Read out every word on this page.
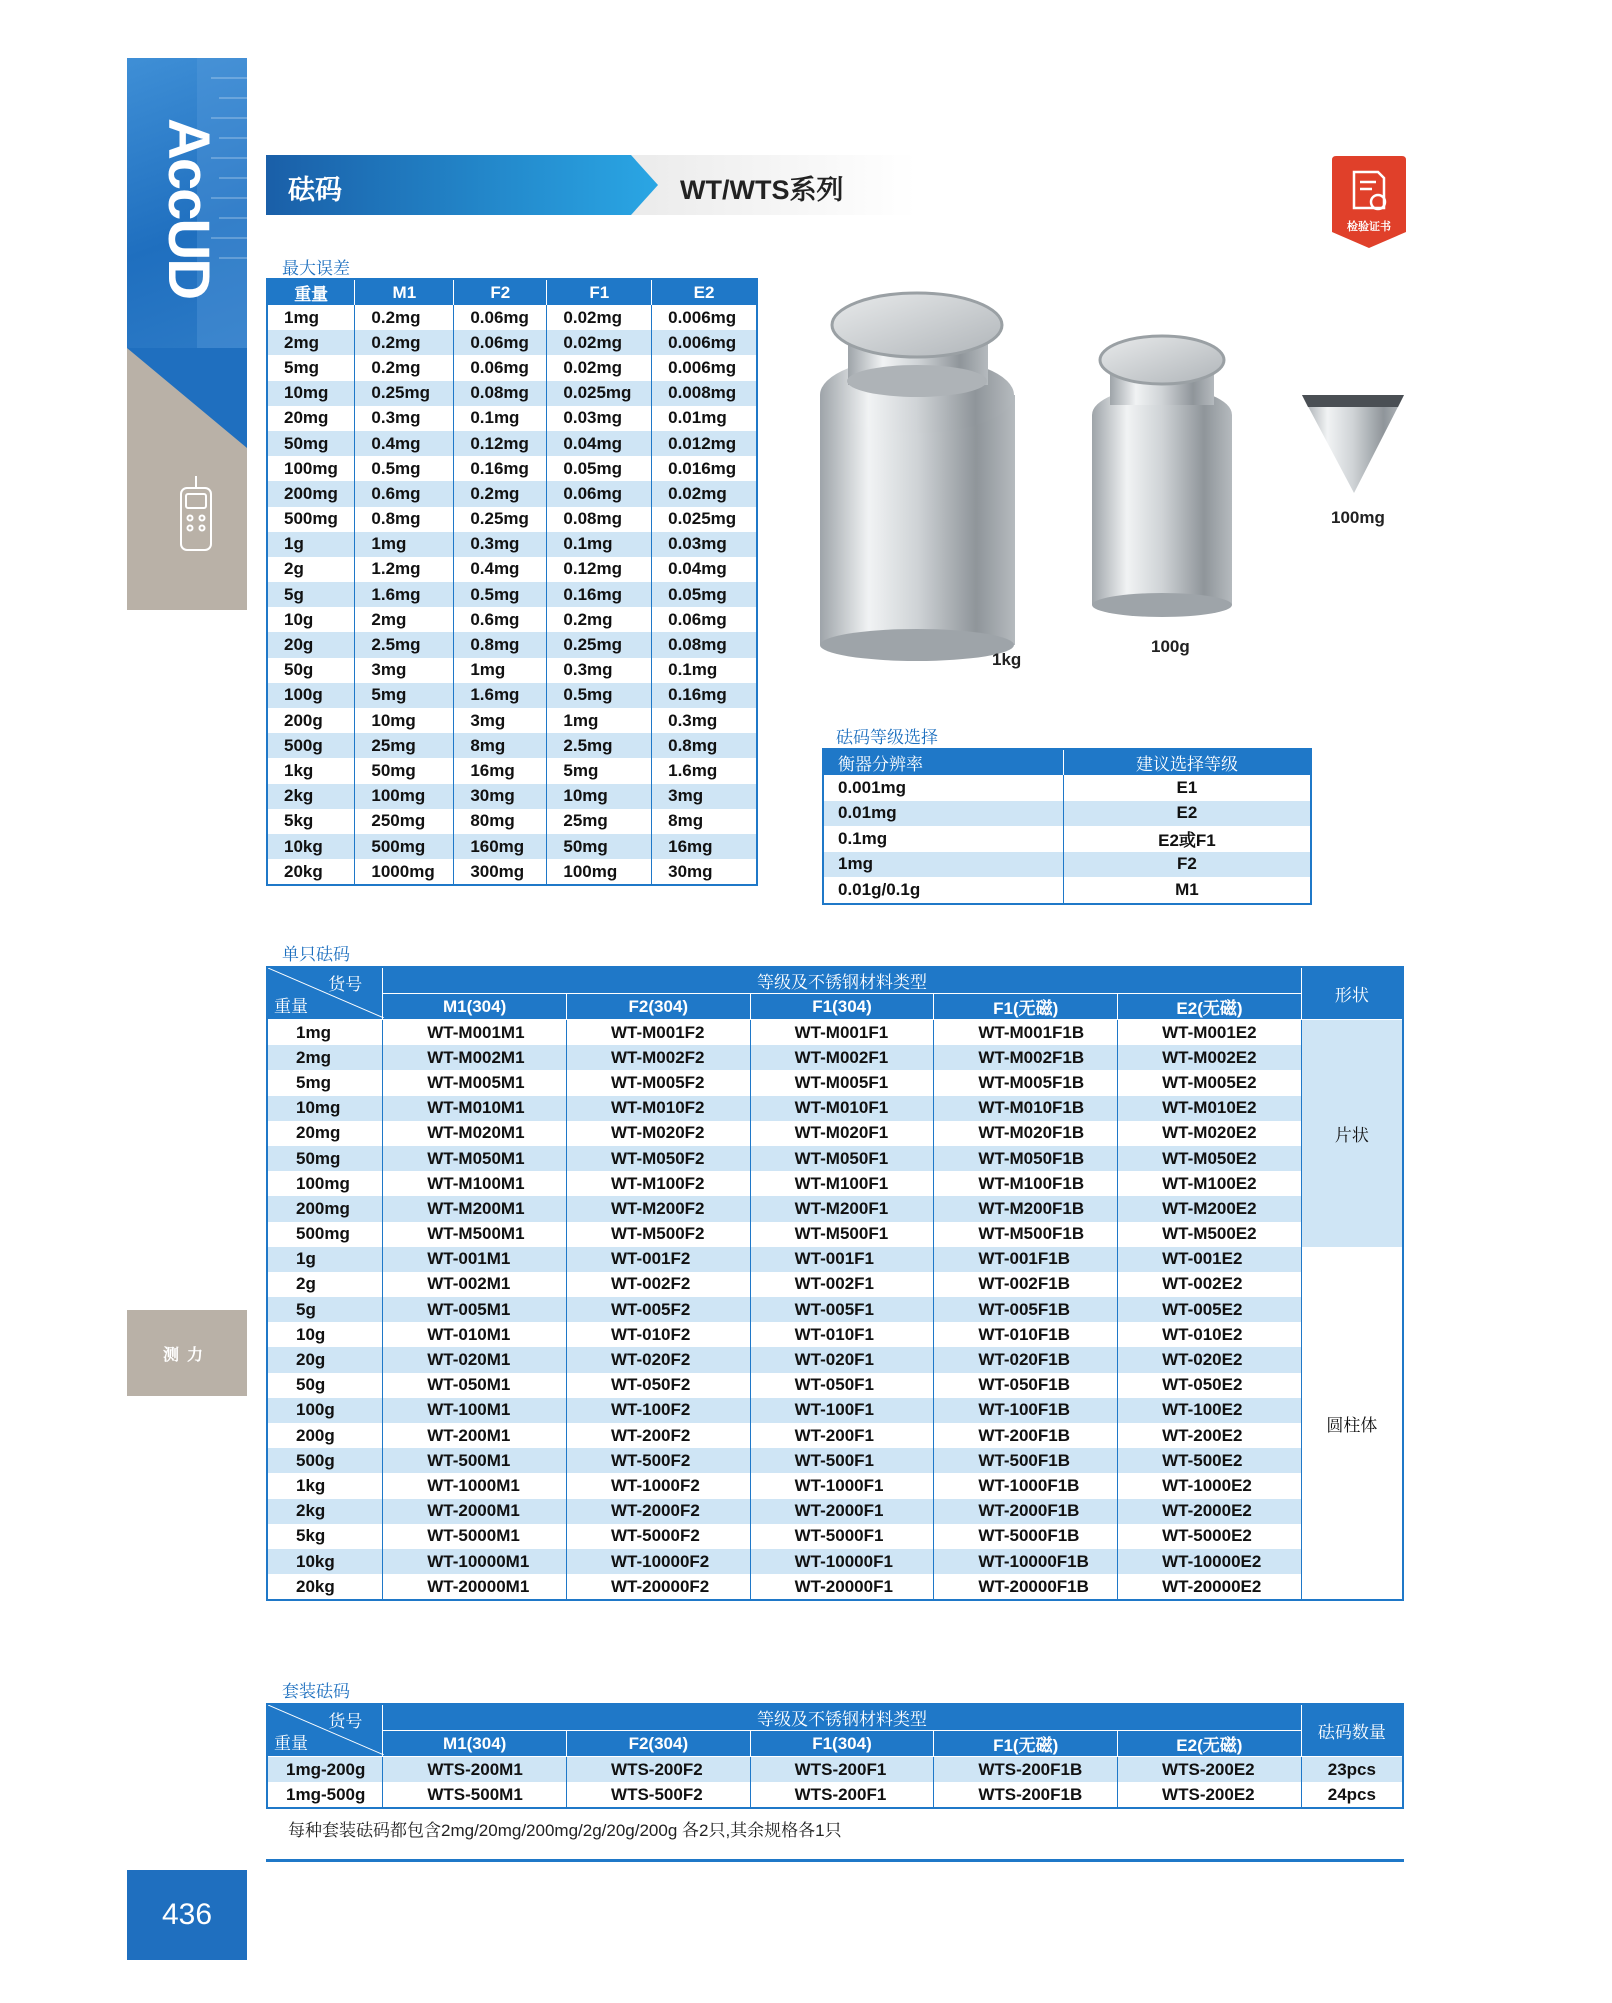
AccUD
测力
436
砝码	WT/WTS系列
检验证书
最大误差
重量	M1	F2	F1	E2
1mg	0.2mg	0.06mg	0.02mg	0.006mg
2mg	0.2mg	0.06mg	0.02mg	0.006mg
5mg	0.2mg	0.06mg	0.02mg	0.006mg
10mg	0.25mg	0.08mg	0.025mg	0.008mg
20mg	0.3mg	0.1mg	0.03mg	0.01mg
50mg	0.4mg	0.12mg	0.04mg	0.012mg
100mg	0.5mg	0.16mg	0.05mg	0.016mg
200mg	0.6mg	0.2mg	0.06mg	0.02mg
500mg	0.8mg	0.25mg	0.08mg	0.025mg
1g	1mg	0.3mg	0.1mg	0.03mg
2g	1.2mg	0.4mg	0.12mg	0.04mg
5g	1.6mg	0.5mg	0.16mg	0.05mg
10g	2mg	0.6mg	0.2mg	0.06mg
20g	2.5mg	0.8mg	0.25mg	0.08mg
50g	3mg	1mg	0.3mg	0.1mg
100g	5mg	1.6mg	0.5mg	0.16mg
200g	10mg	3mg	1mg	0.3mg
500g	25mg	8mg	2.5mg	0.8mg
1kg	50mg	16mg	5mg	1.6mg
2kg	100mg	30mg	10mg	3mg
5kg	250mg	80mg	25mg	8mg
10kg	500mg	160mg	50mg	16mg
20kg	1000mg	300mg	100mg	30mg
1kg
100g
100mg
砝码等级选择
衡器分辨率	建议选择等级
0.001mg	E1
0.01mg	E2
0.1mg	E2或F1
1mg	F2
0.01g/0.1g	M1
单只砝码
货号
重量	等级及不锈钢材料类型					形状
	M1(304)	F2(304)	F1(304)	F1(无磁)	E2(无磁)	
1mg	WT-M001M1	WT-M001F2	WT-M001F1	WT-M001F1B	WT-M001E2	片状
2mg	WT-M002M1	WT-M002F2	WT-M002F1	WT-M002F1B	WT-M002E2	
5mg	WT-M005M1	WT-M005F2	WT-M005F1	WT-M005F1B	WT-M005E2	
10mg	WT-M010M1	WT-M010F2	WT-M010F1	WT-M010F1B	WT-M010E2	
20mg	WT-M020M1	WT-M020F2	WT-M020F1	WT-M020F1B	WT-M020E2	
50mg	WT-M050M1	WT-M050F2	WT-M050F1	WT-M050F1B	WT-M050E2	
100mg	WT-M100M1	WT-M100F2	WT-M100F1	WT-M100F1B	WT-M100E2	
200mg	WT-M200M1	WT-M200F2	WT-M200F1	WT-M200F1B	WT-M200E2	
500mg	WT-M500M1	WT-M500F2	WT-M500F1	WT-M500F1B	WT-M500E2	
1g	WT-001M1	WT-001F2	WT-001F1	WT-001F1B	WT-001E2	圆柱体
2g	WT-002M1	WT-002F2	WT-002F1	WT-002F1B	WT-002E2	
5g	WT-005M1	WT-005F2	WT-005F1	WT-005F1B	WT-005E2	
10g	WT-010M1	WT-010F2	WT-010F1	WT-010F1B	WT-010E2	
20g	WT-020M1	WT-020F2	WT-020F1	WT-020F1B	WT-020E2	
50g	WT-050M1	WT-050F2	WT-050F1	WT-050F1B	WT-050E2	
100g	WT-100M1	WT-100F2	WT-100F1	WT-100F1B	WT-100E2	
200g	WT-200M1	WT-200F2	WT-200F1	WT-200F1B	WT-200E2	
500g	WT-500M1	WT-500F2	WT-500F1	WT-500F1B	WT-500E2	
1kg	WT-1000M1	WT-1000F2	WT-1000F1	WT-1000F1B	WT-1000E2	
2kg	WT-2000M1	WT-2000F2	WT-2000F1	WT-2000F1B	WT-2000E2	
5kg	WT-5000M1	WT-5000F2	WT-5000F1	WT-5000F1B	WT-5000E2	
10kg	WT-10000M1	WT-10000F2	WT-10000F1	WT-10000F1B	WT-10000E2	
20kg	WT-20000M1	WT-20000F2	WT-20000F1	WT-20000F1B	WT-20000E2	
套装砝码
货号
重量	等级及不锈钢材料类型					砝码数量
	M1(304)	F2(304)	F1(304)	F1(无磁)	E2(无磁)	
1mg-200g	WTS-200M1	WTS-200F2	WTS-200F1	WTS-200F1B	WTS-200E2	23pcs
1mg-500g	WTS-500M1	WTS-500F2	WTS-200F1	WTS-200F1B	WTS-200E2	24pcs
每种套装砝码都包含2mg/20mg/200mg/2g/20g/200g 各2只,其余规格各1只
